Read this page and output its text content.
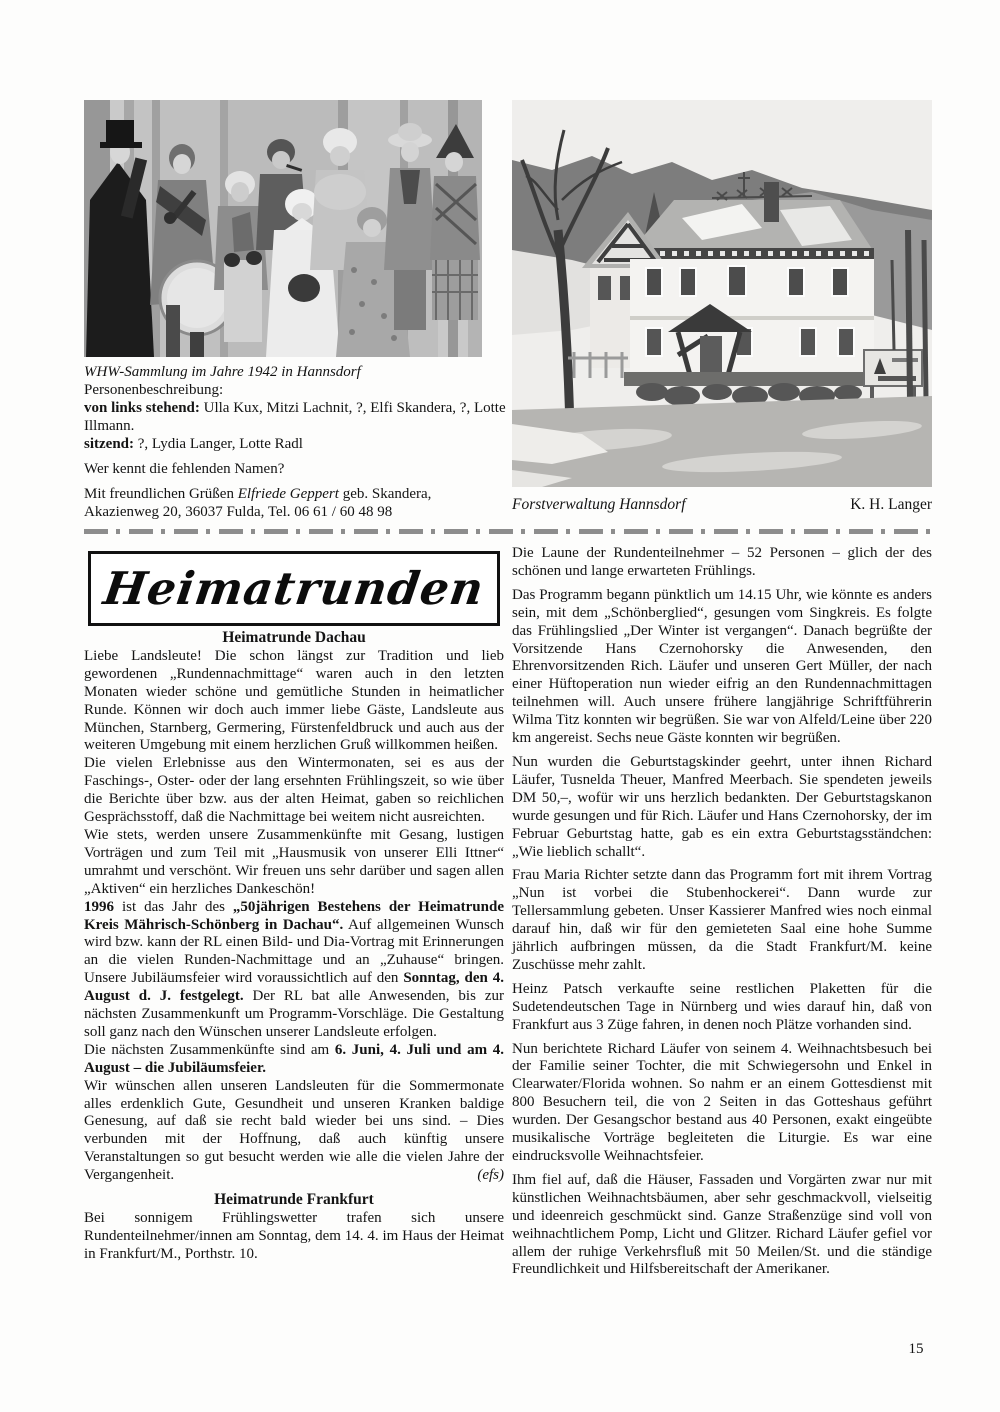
WHW-Sammlung im Jahre 1942 in Hannsdorf
Personenbeschreibung:
von links stehend: Ulla Kux, Mitzi Lachnit, ?, Elfi Skandera, ?, Lotte Illmann.
sitzend: ?, Lydia Langer, Lotte Radl
Wer kennt die fehlenden Namen?
Mit freundlichen Grüßen Elfriede Geppert geb. Skandera, Akazienweg 20, 36037 Fulda, Tel. 06 61 / 60 48 98	Forstverwaltung Hannsdorf	K. H. Langer
Heimatrunden
Heimatrunde Dachau
Liebe Landsleute! Die schon längst zur Tradition und lieb gewordenen „Rundennachmittage“ waren auch in den letzten Monaten wieder schöne und gemütliche Stunden in heimatlicher Runde. Können wir doch auch immer liebe Gäste, Landsleute aus München, Starnberg, Germering, Fürstenfeldbruck und auch aus der weiteren Umgebung mit einem herzlichen Gruß willkommen heißen.
Die vielen Erlebnisse aus den Wintermonaten, sei es aus der Faschings-, Oster- oder der lang ersehnten Frühlingszeit, so wie über die Berichte über bzw. aus der alten Heimat, gaben so reichlichen Gesprächsstoff, daß die Nachmittage bei weitem nicht ausreichten.
Wie stets, werden unsere Zusammenkünfte mit Gesang, lustigen Vorträgen und zum Teil mit „Hausmusik von unserer Elli Ittner“ umrahmt und verschönt. Wir freuen uns sehr darüber und sagen allen „Aktiven“ ein herzliches Dankeschön!
1996 ist das Jahr des „50jährigen Bestehens der Heimatrunde Kreis Mährisch-Schönberg in Dachau“. Auf allgemeinen Wunsch wird bzw. kann der RL einen Bild- und Dia-Vortrag mit Erinnerungen an die vielen Runden-Nachmittage und an „Zuhause“ bringen. Unsere Jubiläumsfeier wird voraussichtlich auf den Sonntag, den 4. August d. J. festgelegt. Der RL bat alle Anwesenden, bis zur nächsten Zusammenkunft um Programm-Vorschläge. Die Gestaltung soll ganz nach den Wünschen unserer Landsleute erfolgen.
Die nächsten Zusammenkünfte sind am 6. Juni, 4. Juli und am 4. August – die Jubiläumsfeier.
Wir wünschen allen unseren Landsleuten für die Sommermonate alles erdenklich Gute, Gesundheit und unseren Kranken baldige Genesung, auf daß sie recht bald wieder bei uns sind. – Dies verbunden mit der Hoffnung, daß auch künftig unsere Veranstaltungen so gut besucht werden wie alle die vielen Jahre der Vergangenheit.	(efs)
Heimatrunde Frankfurt
Bei sonnigem Frühlingswetter trafen sich unsere Rundenteilnehmer/innen am Sonntag, dem 14. 4. im Haus der Heimat in Frankfurt/M., Porthstr. 10.
Die Laune der Rundenteilnehmer – 52 Personen – glich der des schönen und lange erwarteten Frühlings.
Das Programm begann pünktlich um 14.15 Uhr, wie könnte es anders sein, mit dem „Schönberglied“, gesungen vom Singkreis. Es folgte das Frühlingslied „Der Winter ist vergangen“. Danach begrüßte der Vorsitzende Hans Czernohorsky die Anwesenden, den Ehrenvorsitzenden Rich. Läufer und unseren Gert Müller, der nach einer Hüftoperation nun wieder eifrig an den Rundennachmittagen teilnehmen will. Auch unsere frühere langjährige Schriftführerin Wilma Titz konnten wir begrüßen. Sie war von Alfeld/Leine über 220 km angereist. Sechs neue Gäste konnten wir begrüßen.
Nun wurden die Geburtstagskinder geehrt, unter ihnen Richard Läufer, Tusnelda Theuer, Manfred Meerbach. Sie spendeten jeweils DM 50,–, wofür wir uns herzlich bedankten. Der Geburtstagskanon wurde gesungen und für Rich. Läufer und Hans Czernohorsky, der im Februar Geburtstag hatte, gab es ein extra Geburtstagsständchen: „Wie lieblich schallt“.
Frau Maria Richter setzte dann das Programm fort mit ihrem Vortrag „Nun ist vorbei die Stubenhockerei“. Dann wurde zur Tellersammlung gebeten. Unser Kassierer Manfred wies noch einmal darauf hin, daß wir für den gemieteten Saal eine hohe Summe jährlich aufbringen müssen, da die Stadt Frankfurt/M. keine Zuschüsse mehr zahlt.
Heinz Patsch verkaufte seine restlichen Plaketten für die Sudetendeutschen Tage in Nürnberg und wies darauf hin, daß von Frankfurt aus 3 Züge fahren, in denen noch Plätze vorhanden sind.
Nun berichtete Richard Läufer von seinem 4. Weihnachtsbesuch bei der Familie seiner Tochter, die mit Schwiegersohn und Enkel in Clearwater/Florida wohnen. So nahm er an einem Gottesdienst mit 800 Besuchern teil, die von 2 Seiten in das Gotteshaus geführt wurden. Der Gesangschor bestand aus 40 Personen, exakt eingeübte musikalische Vorträge begleiteten die Liturgie. Es war eine eindrucksvolle Weihnachtsfeier.
Ihm fiel auf, daß die Häuser, Fassaden und Vorgärten zwar nur mit künstlichen Weihnachtsbäumen, aber sehr geschmackvoll, vielseitig und ideenreich geschmückt sind. Ganze Straßenzüge sind voll von weihnachtlichem Pomp, Licht und Glitzer. Richard Läufer gefiel vor allem der ruhige Verkehrsfluß mit 50 Meilen/St. und die ständige Freundlichkeit und Hilfsbereitschaft der Amerikaner.
15
